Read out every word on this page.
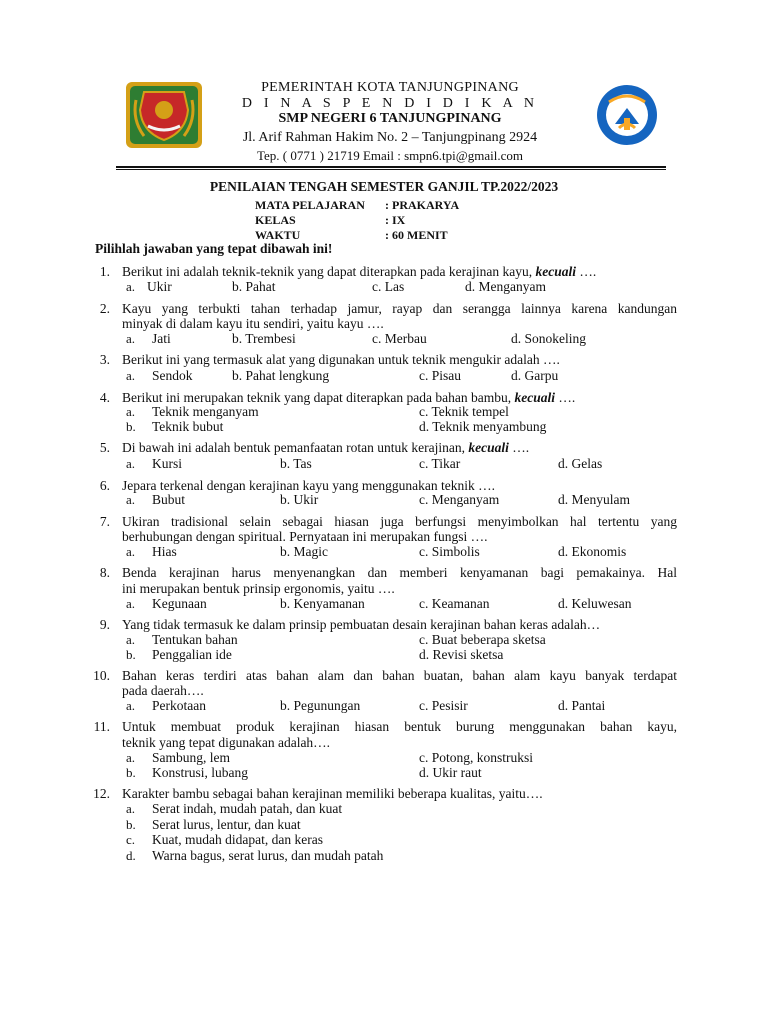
PEMERINTAH KOTA TANJUNGPINANG
D I N A S P E N D I D I K A N
SMP NEGERI 6 TANJUNGPINANG
Jl. Arif Rahman Hakim No. 2 – Tanjungpinang 2924
Tep. ( 0771 ) 21719 Email : smpn6.tpi@gmail.com
PENILAIAN TENGAH SEMESTER GANJIL TP.2022/2023
MATA PELAJARAN : PRAKARYA
KELAS	: IX
WAKTU	: 60 MENIT
Pilihlah jawaban yang tepat dibawah ini!
1. Berikut ini adalah teknik-teknik yang dapat diterapkan pada kerajinan kayu, kecuali ….
a. Ukir	b. Pahat	c. Las	d. Menganyam
2. Kayu yang terbukti tahan terhadap jamur, rayap dan serangga lainnya karena kandungan
minyak di dalam kayu itu sendiri, yaitu kayu ….
a. Jati	b. Trembesi	c. Merbau	d. Sonokeling
3. Berikut ini yang termasuk alat yang digunakan untuk teknik mengukir adalah ….
a. Sendok	b. Pahat lengkung	c. Pisau	d. Garpu
4. Berikut ini merupakan teknik yang dapat diterapkan pada bahan bambu, kecuali ….
a. Teknik menganyam	c. Teknik tempel
b. Teknik bubut	d. Teknik menyambung
5. Di bawah ini adalah bentuk pemanfaatan rotan untuk kerajinan, kecuali ….
a. Kursi	b. Tas	c. Tikar	d. Gelas
6. Jepara terkenal dengan kerajinan kayu yang menggunakan teknik ….
a. Bubut	b. Ukir	c. Menganyam	d. Menyulam
7. Ukiran tradisional selain sebagai hiasan juga berfungsi menyimbolkan hal tertentu yang
berhubungan dengan spiritual. Pernyataan ini merupakan fungsi ….
a. Hias	b. Magic	c. Simbolis	d. Ekonomis
8. Benda kerajinan harus menyenangkan dan memberi kenyamanan bagi pemakainya. Hal
ini merupakan bentuk prinsip ergonomis, yaitu ….
a. Kegunaan	b. Kenyamanan	c. Keamanan	d. Keluwesan
9. Yang tidak termasuk ke dalam prinsip pembuatan desain kerajinan bahan keras adalah…
a. Tentukan bahan	c. Buat beberapa sketsa
b. Penggalian ide	d. Revisi sketsa
10. Bahan keras terdiri atas bahan alam dan bahan buatan, bahan alam kayu banyak terdapat
pada daerah….
a. Perkotaan	b. Pegunungan	c. Pesisir	d. Pantai
11. Untuk membuat produk kerajinan hiasan bentuk burung menggunakan bahan kayu,
teknik yang tepat digunakan adalah….
a. Sambung, lem	c. Potong, konstruksi
b. Konstrusi, lubang	d. Ukir raut
12. Karakter bambu sebagai bahan kerajinan memiliki beberapa kualitas, yaitu….
a. Serat indah, mudah patah, dan kuat
b. Serat lurus, lentur, dan kuat
c. Kuat, mudah didapat, dan keras
d. Warna bagus, serat lurus, dan mudah patah
